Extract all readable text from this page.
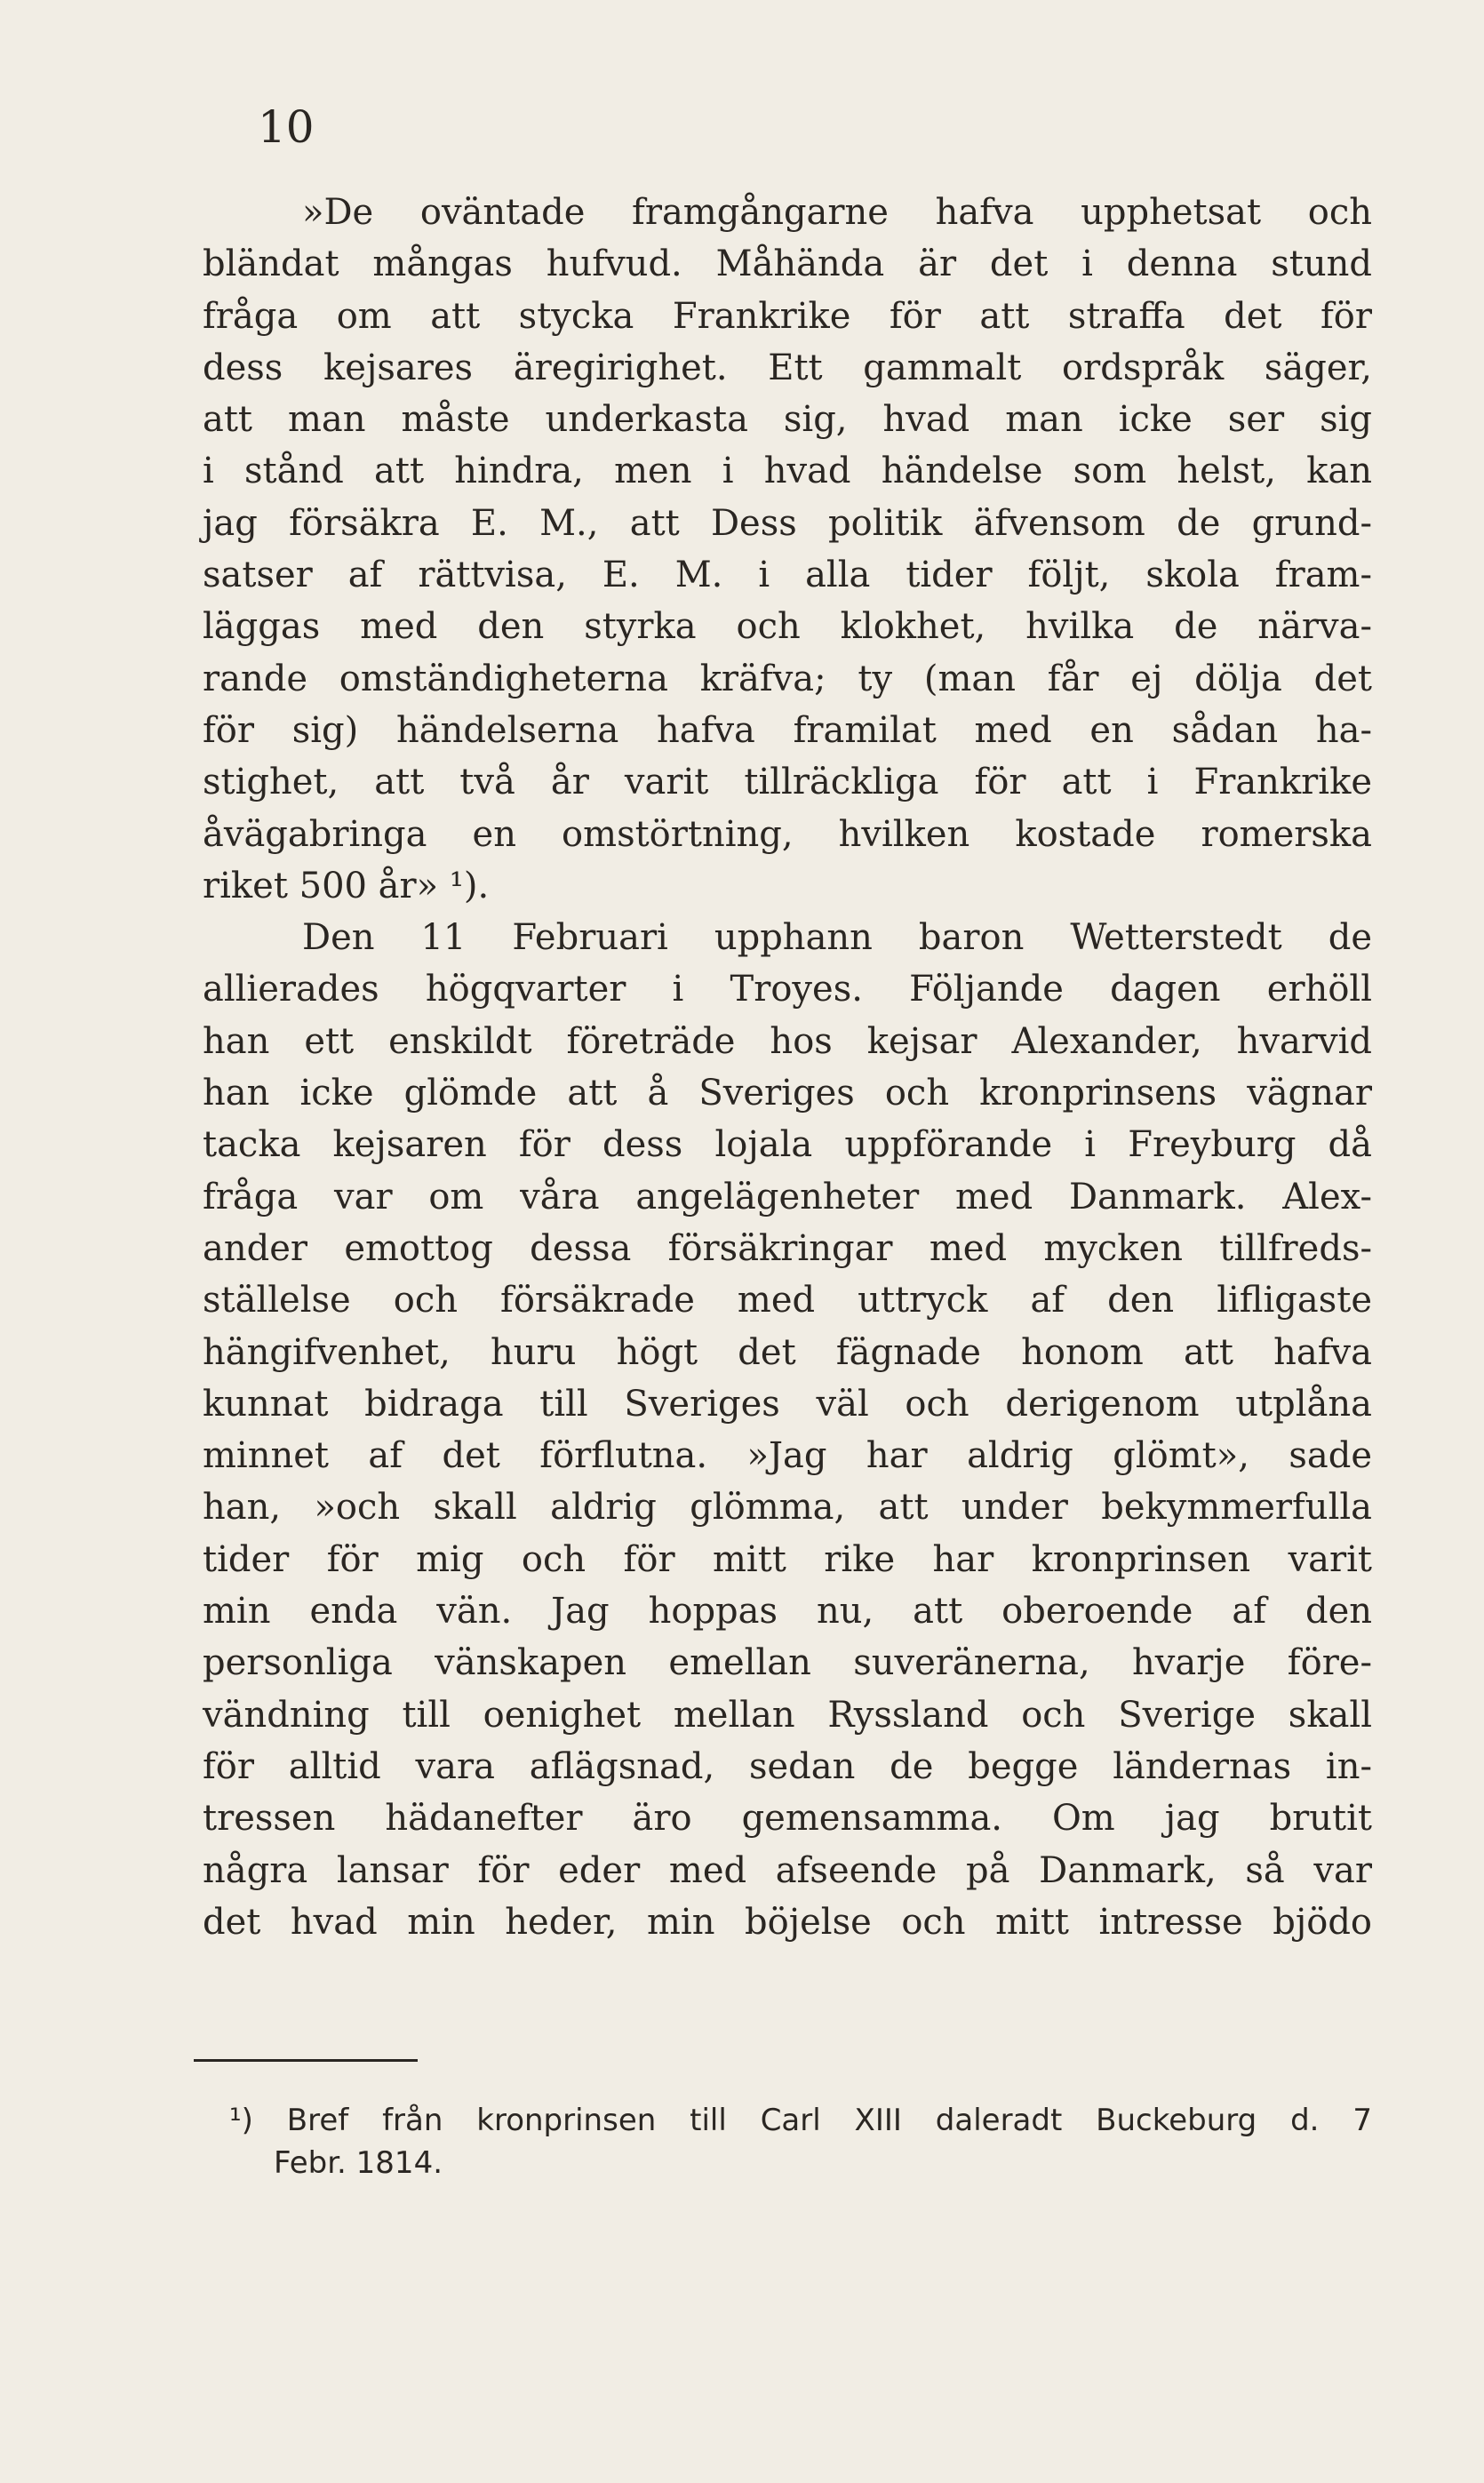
10
»De oväntade framgångarne hafva upphetsat och
bländat mångas hufvud. Måhända är det i denna stund
fråga om att stycka Frankrike för att straffa det för
dess kejsares äregirighet. Ett gammalt ordspråk säger,
att man måste underkasta sig, hvad man icke ser sig
i stånd att hindra, men i hvad händelse som helst, kan
jag försäkra E. M., att Dess politik äfvensom de grund-
satser af rättvisa, E. M. i alla tider följt, skola fram-
läggas med den styrka och klokhet, hvilka de närva-
rande omständigheterna kräfva; ty (man får ej dölja det
för sig) händelserna hafva framilat med en sådan ha-
stighet, att två år varit tillräckliga för att i Frankrike
åvägabringa en omstörtning, hvilken kostade romerska
riket 500 år» ¹).
Den 11 Februari upphann baron Wetterstedt de
allierades högqvarter i Troyes. Följande dagen erhöll
han ett enskildt företräde hos kejsar Alexander, hvarvid
han icke glömde att å Sveriges och kronprinsens vägnar
tacka kejsaren för dess lojala uppförande i Freyburg då
fråga var om våra angelägenheter med Danmark. Alex-
ander emottog dessa försäkringar med mycken tillfreds-
ställelse och försäkrade med uttryck af den lifligaste
hängifvenhet, huru högt det fägnade honom att hafva
kunnat bidraga till Sveriges väl och derigenom utplåna
minnet af det förflutna. »Jag har aldrig glömt», sade
han, »och skall aldrig glömma, att under bekymmerfulla
tider för mig och för mitt rike har kronprinsen varit
min enda vän. Jag hoppas nu, att oberoende af den
personliga vänskapen emellan suveränerna, hvarje före-
vändning till oenighet mellan Ryssland och Sverige skall
för alltid vara aflägsnad, sedan de begge ländernas in-
tressen hädanefter äro gemensamma. Om jag brutit
några lansar för eder med afseende på Danmark, så var
det hvad min heder, min böjelse och mitt intresse bjödo
¹) Bref från kronprinsen till Carl XIII daleradt Buckeburg d. 7
Febr. 1814.
